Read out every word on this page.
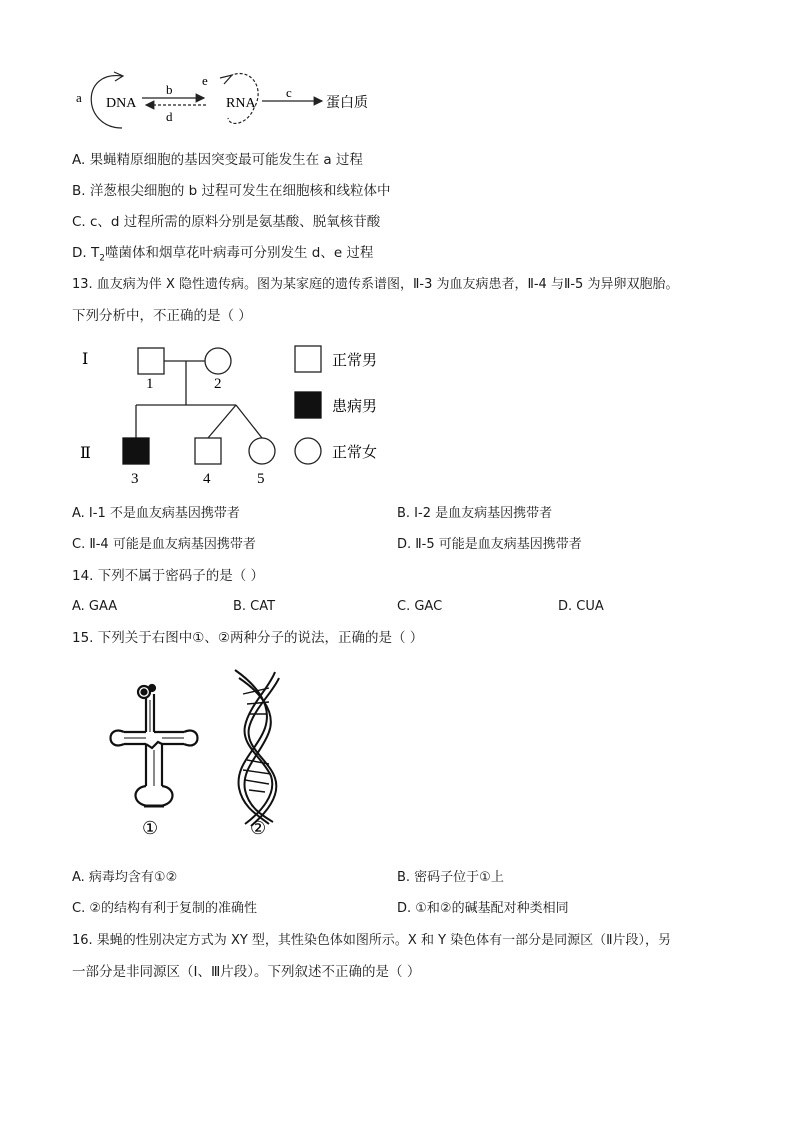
a DNA
b
d
e
RNA
c
蛋白质
A. 果蝇精原细胞的基因突变最可能发生在 a 过程
B. 洋葱根尖细胞的 b 过程可发生在细胞核和线粒体中
C. c、d 过程所需的原料分别是氨基酸、脱氧核苷酸
D. $T_2$噬菌体和烟草花叶病毒可分别发生 d、e 过程
13. 血友病为伴 X 隐性遗传病。图为某家庭的遗传系谱图，Ⅱ-3 为血友病患者，Ⅱ-4 与Ⅱ-5 为异卵双胞胎。
下列分析中，不正确的是（ ）
Ⅰ
Ⅱ
1	2
3	4	5
正常男
患病男
正常女
A. Ⅰ-1 不是血友病基因携带者	B. Ⅰ-2 是血友病基因携带者
C. Ⅱ-4 可能是血友病基因携带者	D. Ⅱ-5 可能是血友病基因携带者
14. 下列不属于密码子的是（ ）
A. GAA	B. CAT	C. GAC	D. CUA
15. 下列关于右图中①、②两种分子的说法，正确的是（ ）
①	②
A. 病毒均含有①②	B. 密码子位于①上
C. ②的结构有利于复制的准确性	D. ①和②的碱基配对种类相同
16. 果蝇的性别决定方式为 XY 型，其性染色体如图所示。X 和 Y 染色体有一部分是同源区（Ⅱ片段），另
一部分是非同源区（Ⅰ、Ⅲ片段）。下列叙述不正确的是（ ）
